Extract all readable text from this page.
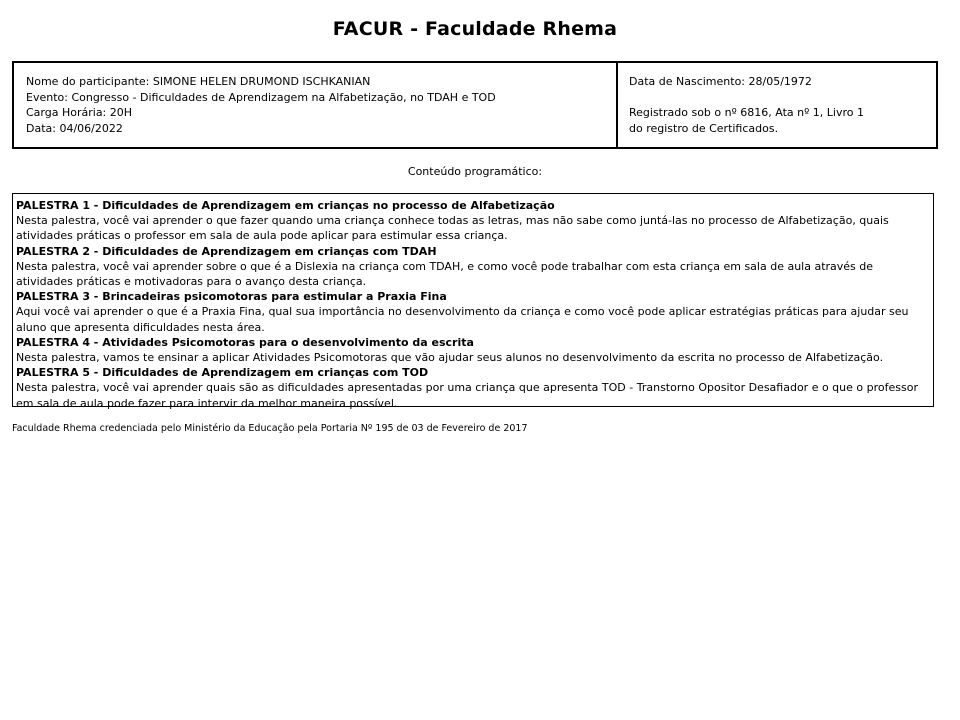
FACUR - Faculdade Rhema
Nome do participante: SIMONE HELEN DRUMOND ISCHKANIAN
Evento: Congresso - Dificuldades de Aprendizagem na Alfabetização, no TDAH e TOD
Carga Horária: 20H
Data: 04/06/2022
Data de Nascimento: 28/05/1972
Registrado sob o nº 6816, Ata nº 1, Livro 1
do registro de Certificados.
Conteúdo programático:
PALESTRA 1 - Dificuldades de Aprendizagem em crianças no processo de Alfabetização
Nesta palestra, você vai aprender o que fazer quando uma criança conhece todas as letras, mas não sabe como juntá-las no processo de Alfabetização, quais atividades práticas o professor em sala de aula pode aplicar para estimular essa criança.
PALESTRA 2 - Dificuldades de Aprendizagem em crianças com TDAH
Nesta palestra, você vai aprender sobre o que é a Dislexia na criança com TDAH, e como você pode trabalhar com esta criança em sala de aula através de atividades práticas e motivadoras para o avanço desta criança.
PALESTRA 3 - Brincadeiras psicomotoras para estimular a Praxia Fina
Aqui você vai aprender o que é a Praxia Fina, qual sua importância no desenvolvimento da criança e como você pode aplicar estratégias práticas para ajudar seu aluno que apresenta dificuldades nesta área.
PALESTRA 4 - Atividades Psicomotoras para o desenvolvimento da escrita
Nesta palestra, vamos te ensinar a aplicar Atividades Psicomotoras que vão ajudar seus alunos no desenvolvimento da escrita no processo de Alfabetização.
PALESTRA 5 - Dificuldades de Aprendizagem em crianças com TOD
Nesta palestra, você vai aprender quais são as dificuldades apresentadas por uma criança que apresenta TOD - Transtorno Opositor Desafiador e o que o professor em sala de aula pode fazer para intervir da melhor maneira possível.
Faculdade Rhema credenciada pelo Ministério da Educação pela Portaria Nº 195 de 03 de Fevereiro de 2017
